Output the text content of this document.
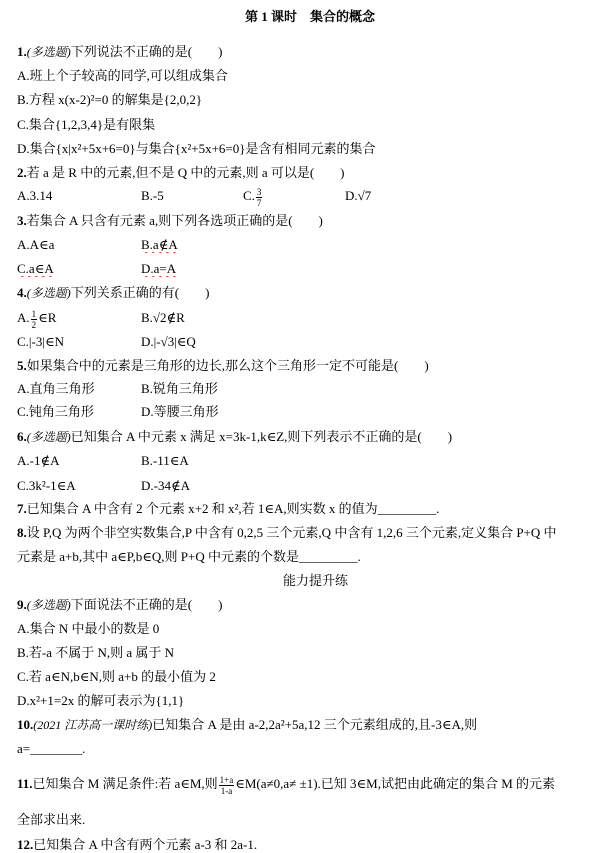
第 1 课时　集合的概念
1.(多选题)下列说法不正确的是(　　)
A.班上个子较高的同学,可以组成集合
B.方程 x(x-2)²=0 的解集是{2,0,2}
C.集合{1,2,3,4}是有限集
D.集合{x|x²+5x+6=0}与集合{x²+5x+6=0}是含有相同元素的集合
2.若 a 是 R 中的元素,但不是 Q 中的元素,则 a 可以是(　　)
A.3.14	B.-5	C. $\frac{3}{7}$	D.√7
3.若集合 A 只含有元素 a,则下列各选项正确的是(　　)
A.A∈a	B.a∉A
C.a∈A	D.a=A
4.(多选题)下列关系正确的有(　　)
A. $\frac{1}{2}$ ∈R	B.√2∉R
C.|-3|∈N	D.|-√3|∈Q
5.如果集合中的元素是三角形的边长,那么这个三角形一定不可能是(　　)
A.直角三角形	B.锐角三角形
C.钝角三角形	D.等腰三角形
6.(多选题)已知集合 A 中元素 x 满足 x=3k-1,k∈Z,则下列表示不正确的是(　　)
A.-1∉A	B.-11∈A
C.3k²-1∈A	D.-34∉A
7.已知集合 A 中含有 2 个元素 x+2 和 x²,若 1∈A,则实数 x 的值为_________.
8.设 P,Q 为两个非空实数集合,P 中含有 0,2,5 三个元素,Q 中含有 1,2,6 三个元素,定义集合 P+Q 中
元素是 a+b,其中 a∈P,b∈Q,则 P+Q 中元素的个数是_________.
能力提升练
9.(多选题)下面说法不正确的是(　　)
A.集合 N 中最小的数是 0
B.若-a 不属于 N,则 a 属于 N
C.若 a∈N,b∈N,则 a+b 的最小值为 2
D.x²+1=2x 的解可表示为{1,1}
10.(2021 江苏高一课时练)已知集合 A 是由 a-2,2a²+5a,12 三个元素组成的,且-3∈A,则
a=________.
11.已知集合 M 满足条件:若 a∈M,则 $\frac{1+a}{1-a}$ ∈M(a≠0,a≠ ±1).已知 3∈M,试把由此确定的集合 M 的元素
全部求出来.
12.已知集合 A 中含有两个元素 a-3 和 2a-1.
